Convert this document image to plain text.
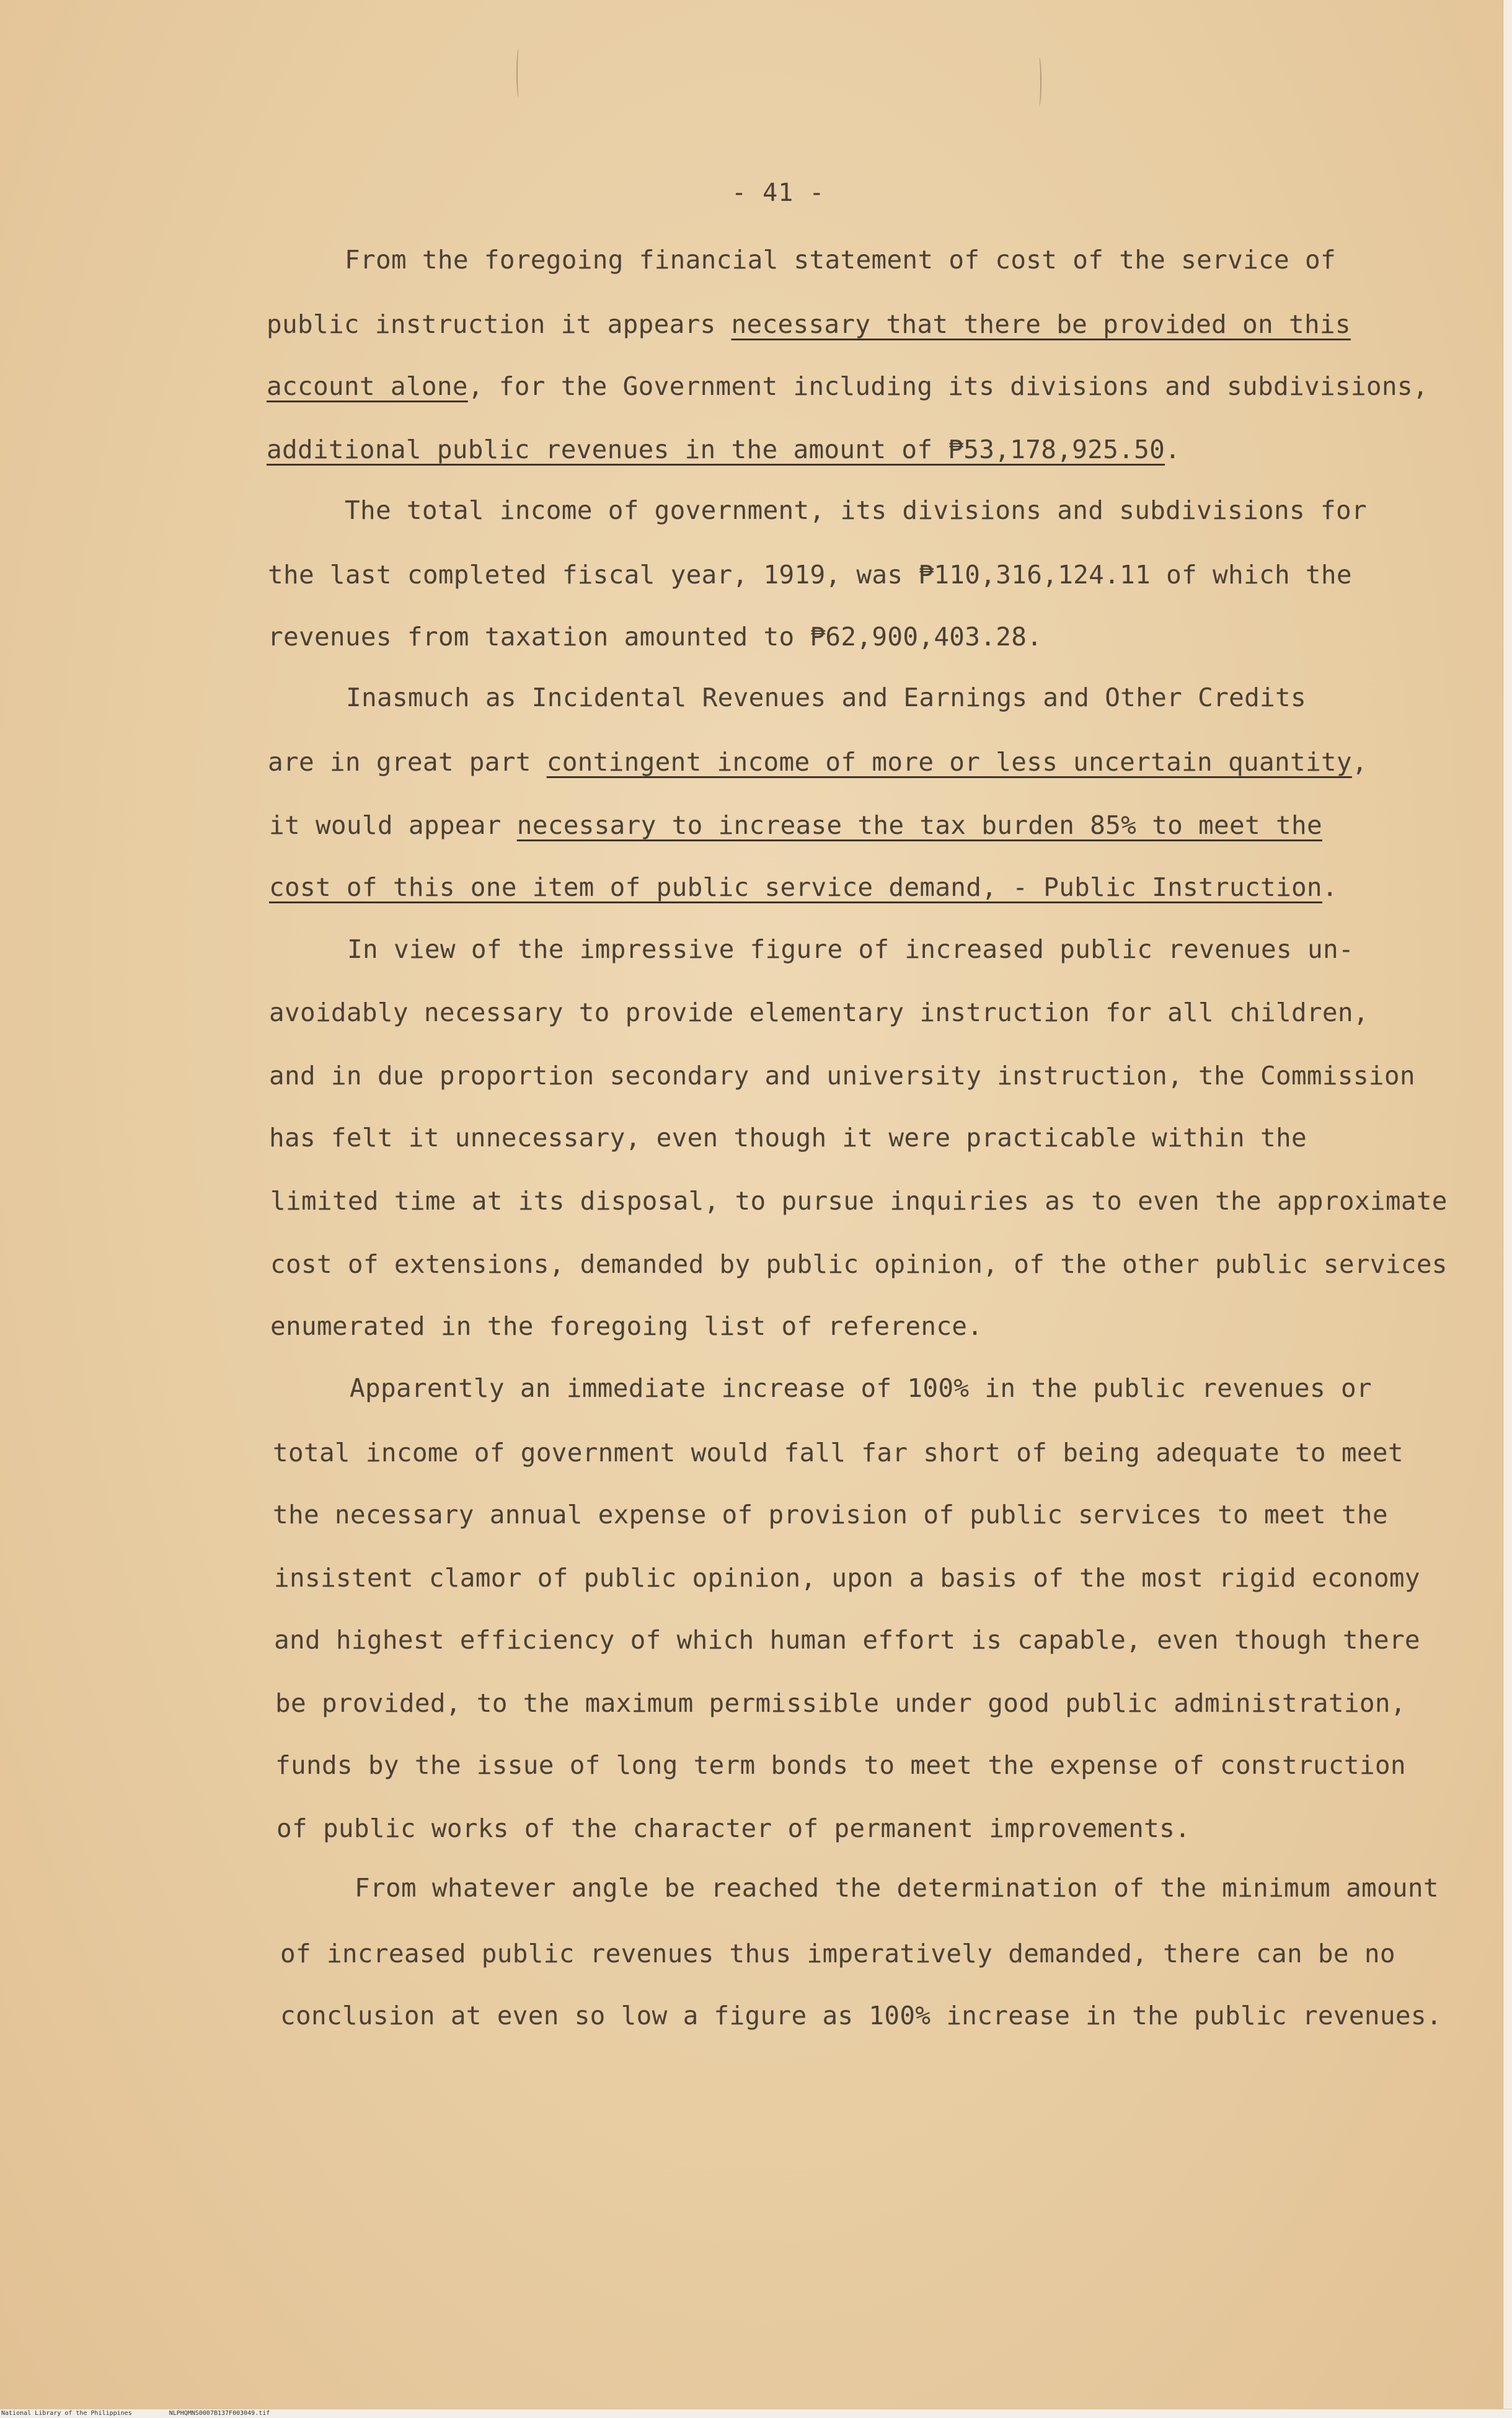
- 41 -
From the foregoing financial statement of cost of the service of
public instruction it appears necessary that there be provided on this
account alone, for the Government including its divisions and subdivisions,
additional public revenues in the amount of ₱53,178,925.50.
The total income of government, its divisions and subdivisions for
the last completed fiscal year, 1919, was ₱110,316,124.11 of which the
revenues from taxation amounted to ₱62,900,403.28.
Inasmuch as Incidental Revenues and Earnings and Other Credits
are in great part contingent income of more or less uncertain quantity,
it would appear necessary to increase the tax burden 85% to meet the
cost of this one item of public service demand, - Public Instruction.
In view of the impressive figure of increased public revenues un-
avoidably necessary to provide elementary instruction for all children,
and in due proportion secondary and university instruction, the Commission
has felt it unnecessary, even though it were practicable within the
limited time at its disposal, to pursue inquiries as to even the approximate
cost of extensions, demanded by public opinion, of the other public services
enumerated in the foregoing list of reference.
Apparently an immediate increase of 100% in the public revenues or
total income of government would fall far short of being adequate to meet
the necessary annual expense of provision of public services to meet the
insistent clamor of public opinion, upon a basis of the most rigid economy
and highest efficiency of which human effort is capable, even though there
be provided, to the maximum permissible under good public administration,
funds by the issue of long term bonds to meet the expense of construction
of public works of the character of permanent improvements.
From whatever angle be reached the determination of the minimum amount
of increased public revenues thus imperatively demanded, there can be no
conclusion at even so low a figure as 100% increase in the public revenues.
National Library of the Philippines	NLPHQMNS0007B137F003049.tif
